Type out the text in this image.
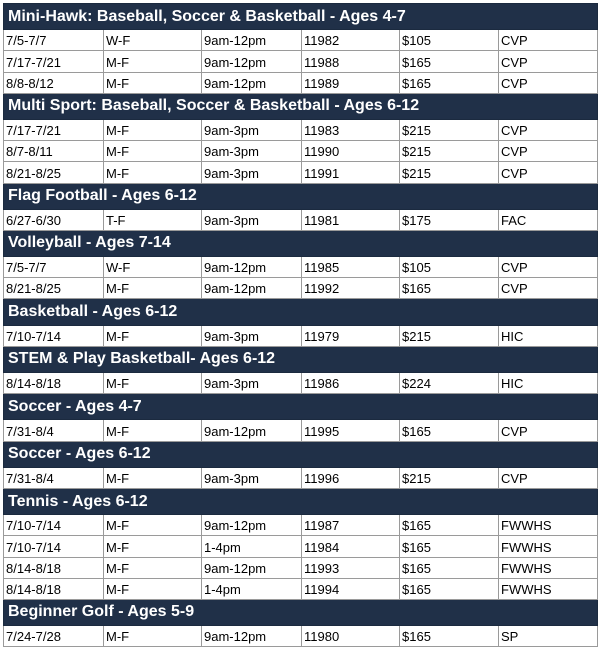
Mini-Hawk: Baseball, Soccer & Basketball - Ages 4-7					
7/5-7/7	W-F	9am-12pm	11982	$105	CVP
7/17-7/21	M-F	9am-12pm	11988	$165	CVP
8/8-8/12	M-F	9am-12pm	11989	$165	CVP
Multi Sport: Baseball, Soccer & Basketball - Ages 6-12					
7/17-7/21	M-F	9am-3pm	11983	$215	CVP
8/7-8/11	M-F	9am-3pm	11990	$215	CVP
8/21-8/25	M-F	9am-3pm	11991	$215	CVP
Flag Football - Ages 6-12					
6/27-6/30	T-F	9am-3pm	11981	$175	FAC
Volleyball - Ages 7-14					
7/5-7/7	W-F	9am-12pm	11985	$105	CVP
8/21-8/25	M-F	9am-12pm	11992	$165	CVP
Basketball - Ages 6-12					
7/10-7/14	M-F	9am-3pm	11979	$215	HIC
STEM & Play Basketball- Ages 6-12					
8/14-8/18	M-F	9am-3pm	11986	$224	HIC
Soccer - Ages 4-7					
7/31-8/4	M-F	9am-12pm	11995	$165	CVP
Soccer - Ages 6-12					
7/31-8/4	M-F	9am-3pm	11996	$215	CVP
Tennis - Ages 6-12					
7/10-7/14	M-F	9am-12pm	11987	$165	FWWHS
7/10-7/14	M-F	1-4pm	11984	$165	FWWHS
8/14-8/18	M-F	9am-12pm	11993	$165	FWWHS
8/14-8/18	M-F	1-4pm	11994	$165	FWWHS
Beginner Golf - Ages 5-9					
7/24-7/28	M-F	9am-12pm	11980	$165	SP
